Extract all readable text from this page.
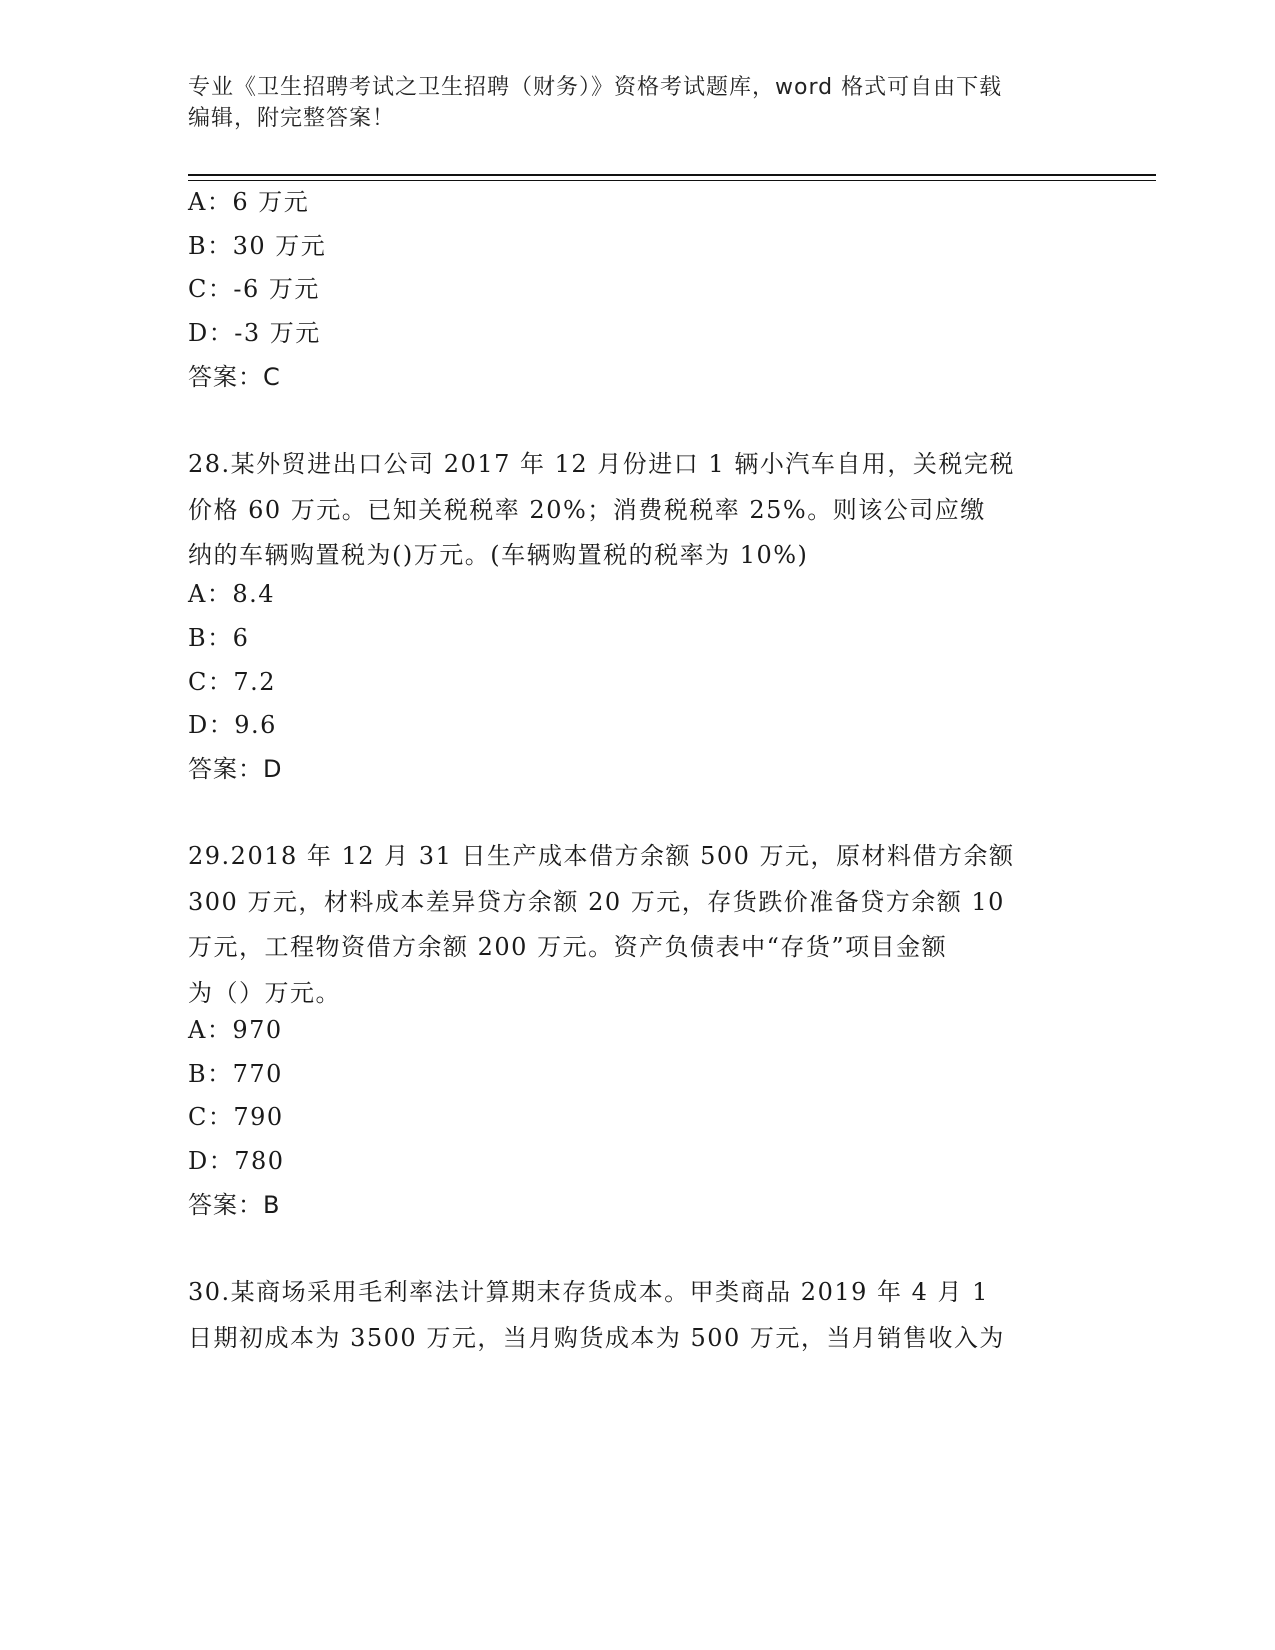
专业《卫生招聘考试之卫生招聘（财务）》资格考试题库，word 格式可自由下载
编辑，附完整答案！
A：6 万元
B：30 万元
C：-6 万元
D：-3 万元
答案：C
28.某外贸进出口公司 2017 年 12 月份进口 1 辆小汽车自用，关税完税
价格 60 万元。已知关税税率 20%；消费税税率 25%。则该公司应缴
纳的车辆购置税为()万元。(车辆购置税的税率为 10%)
A：8.4
B：6
C：7.2
D：9.6
答案：D
29.2018 年 12 月 31 日生产成本借方余额 500 万元，原材料借方余额
300 万元，材料成本差异贷方余额 20 万元，存货跌价准备贷方余额 10
万元，工程物资借方余额 200 万元。资产负债表中“存货”项目金额
为（）万元。
A：970
B：770
C：790
D：780
答案：B
30.某商场采用毛利率法计算期末存货成本。甲类商品 2019 年 4 月 1
日期初成本为 3500 万元，当月购货成本为 500 万元，当月销售收入为
